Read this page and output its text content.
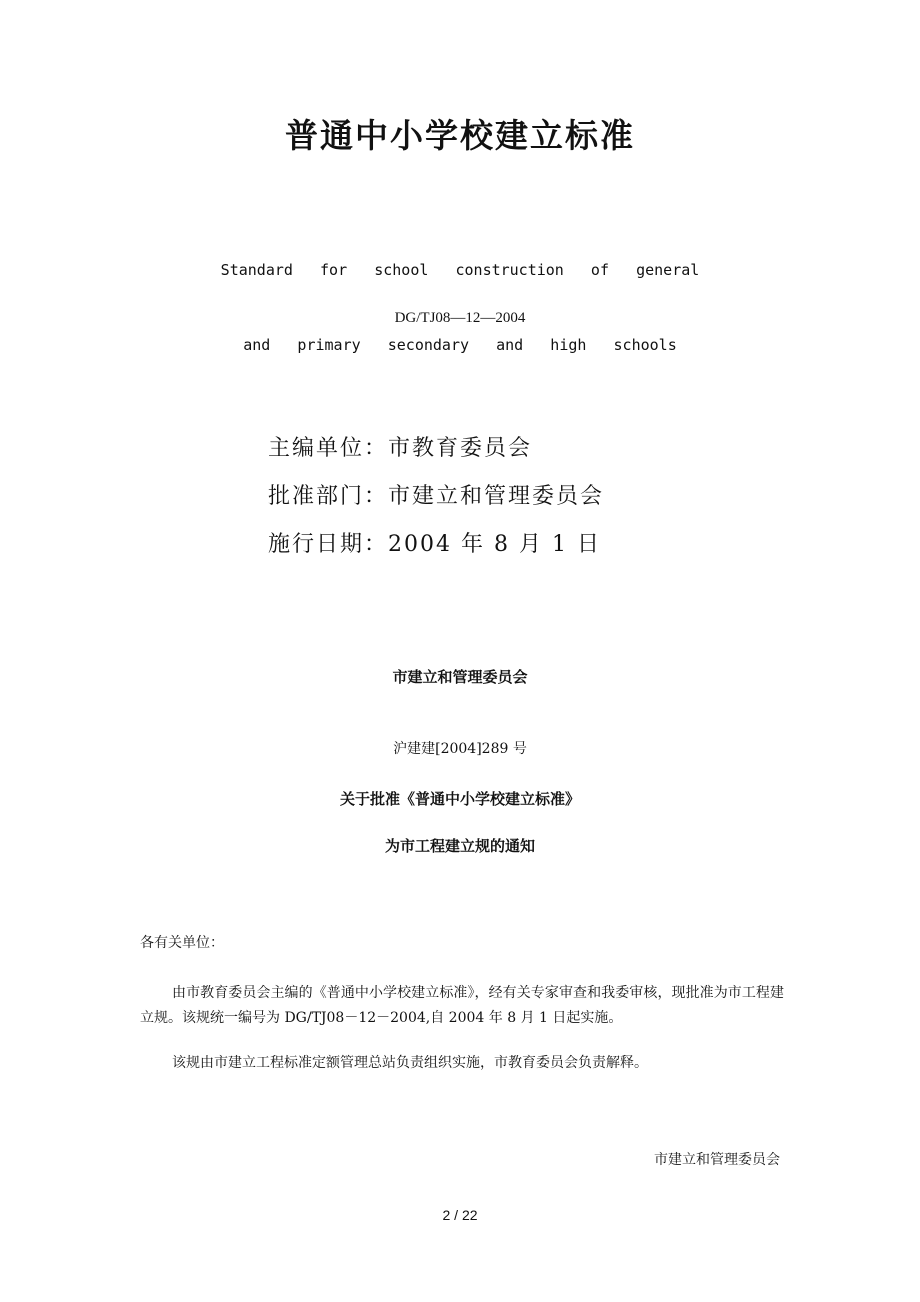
普通中小学校建立标准

Standard   for   school   construction   of   general

and   primary   secondary   and   high   schools

DG/TJ08—12—2004
主编单位：市教育委员会
批准部门：市建立和管理委员会
施行日期：2004 年 8 月 1 日
市建立和管理委员会
沪建建[2004]289 号
关于批准《普通中小学校建立标准》
为市工程建立规的通知
各有关单位：
由市教育委员会主编的《普通中小学校建立标准》，经有关专家审查和我委审核，现批准为市工程建立规。该规统一编号为 DG/TJ08－12－2004,自 2004 年 8 月 1 日起实施。
该规由市建立工程标准定额管理总站负责组织实施，市教育委员会负责解释。
市建立和管理委员会
2 / 22
